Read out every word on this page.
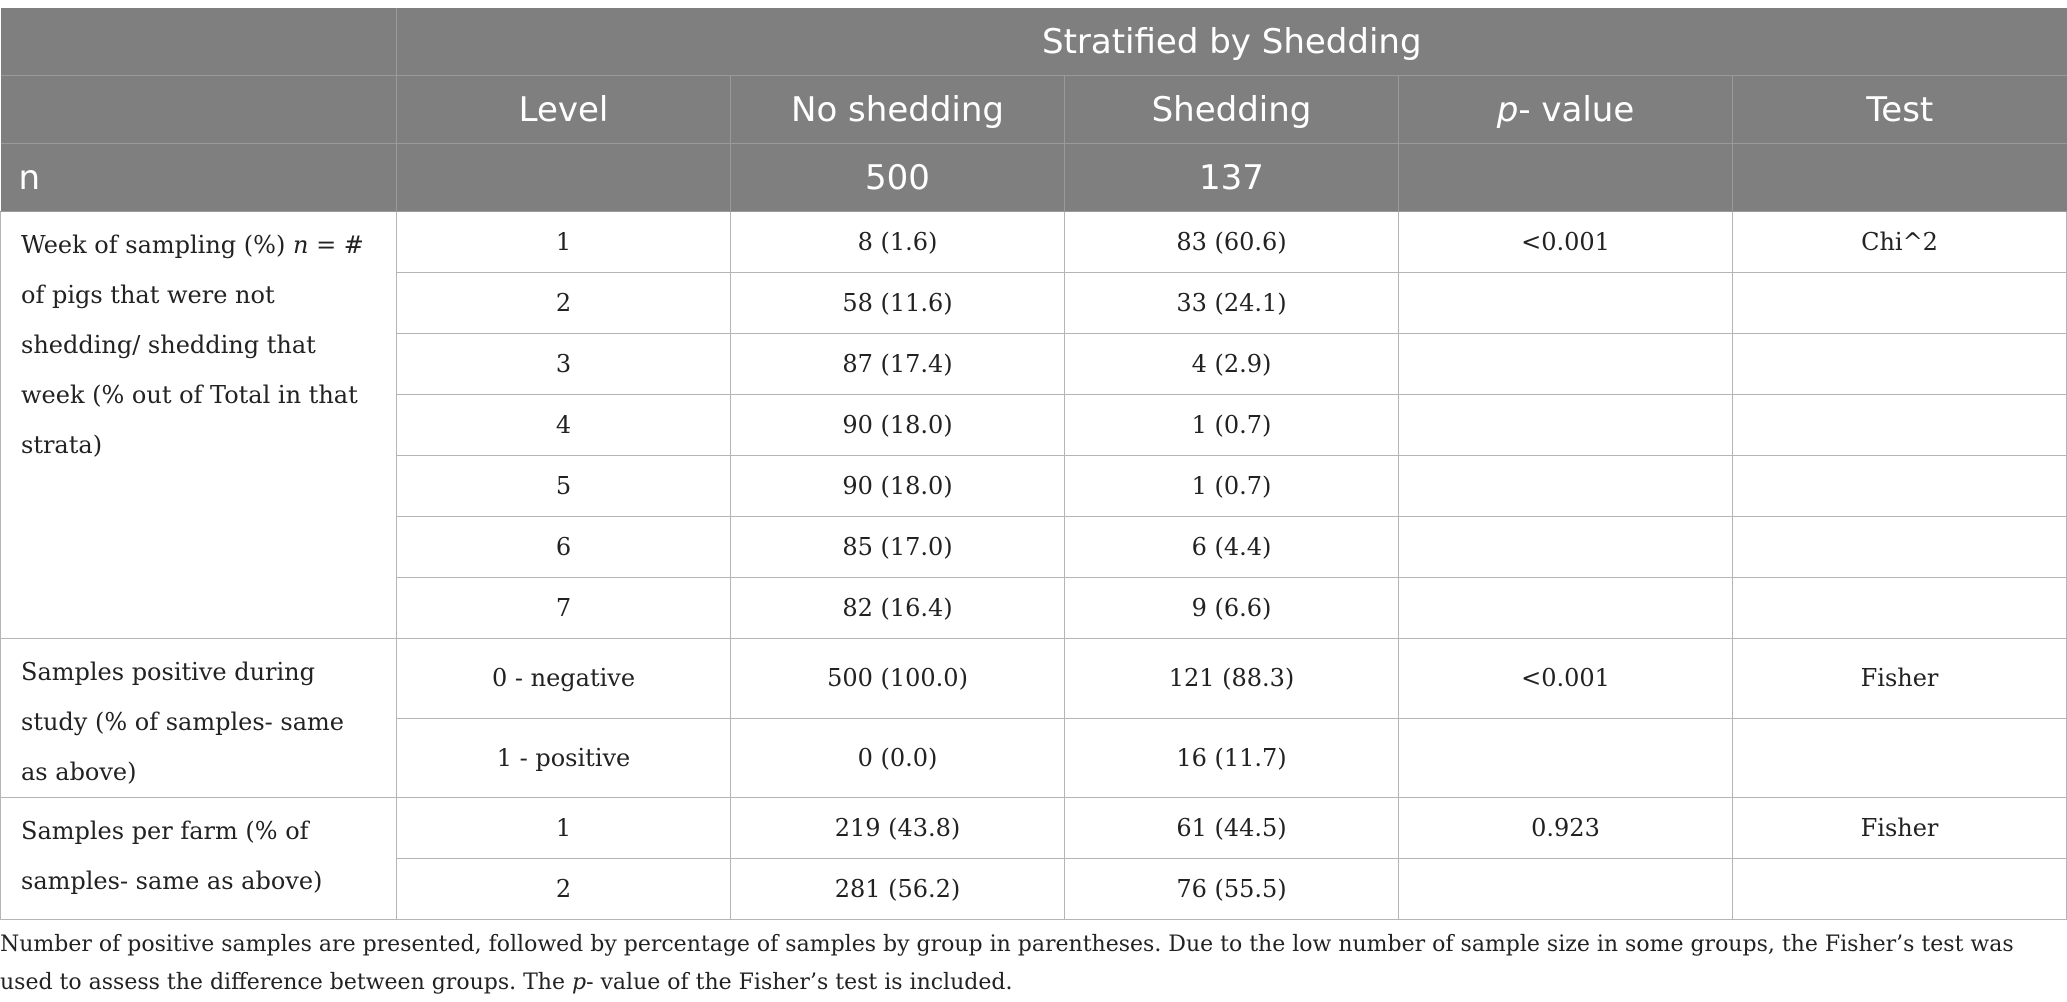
	Stratified by Shedding				
	Level	No shedding	Shedding	p- value	Test
n		500	137		
Week of sampling (%) n = # of pigs that were not shedding/ shedding that week (% out of Total in that strata)	1	8 (1.6)	83 (60.6)	<0.001	Chi^2
	2	58 (11.6)	33 (24.1)		
	3	87 (17.4)	4 (2.9)		
	4	90 (18.0)	1 (0.7)		
	5	90 (18.0)	1 (0.7)		
	6	85 (17.0)	6 (4.4)		
	7	82 (16.4)	9 (6.6)		
Samples positive during study (% of samples- same as above)	0 - negative	500 (100.0)	121 (88.3)	<0.001	Fisher
	1 - positive	0 (0.0)	16 (11.7)		
Samples per farm (% of samples- same as above)	1	219 (43.8)	61 (44.5)	0.923	Fisher
	2	281 (56.2)	76 (55.5)		

Number of positive samples are presented, followed by percentage of samples by group in parentheses. Due to the low number of sample size in some groups, the Fisher’s test was used to assess the difference between groups. The p- value of the Fisher’s test is included.
